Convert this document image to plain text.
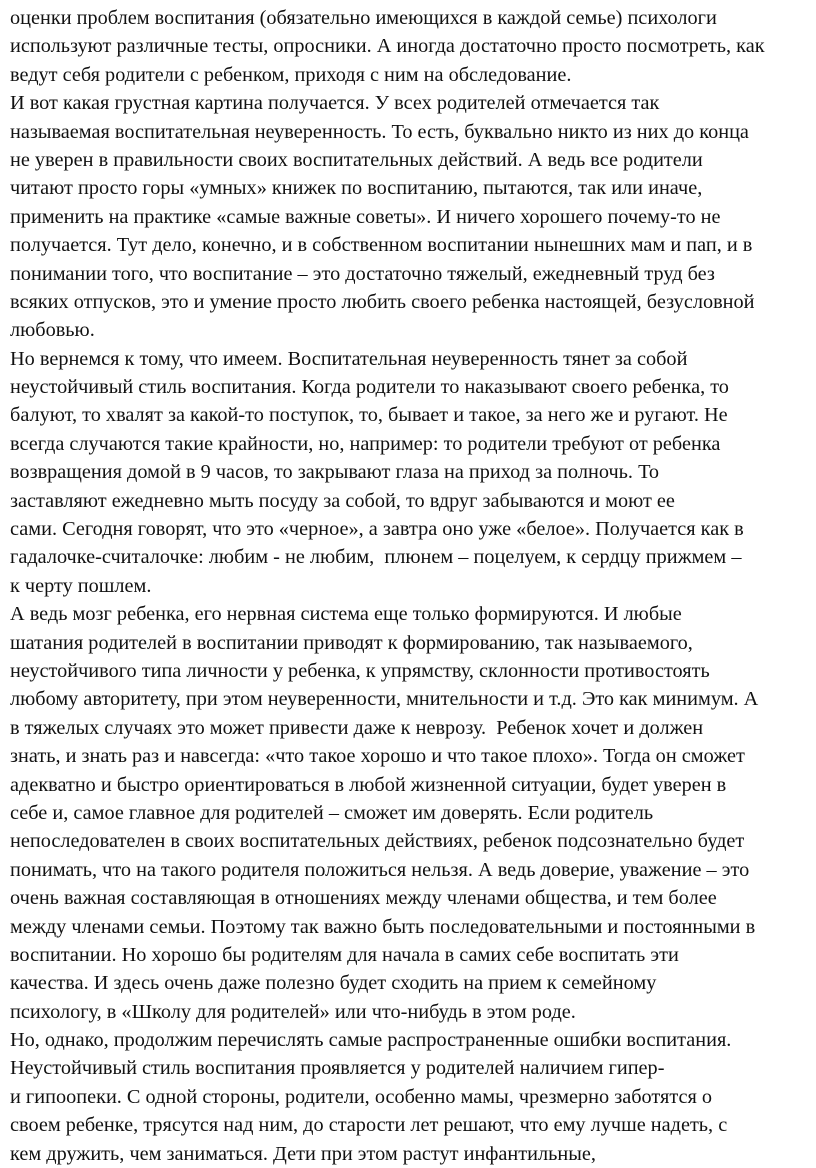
оценки проблем воспитания (обязательно имеющихся в каждой семье) психологи
используют различные тесты, опросники. А иногда достаточно просто посмотреть, как
ведут себя родители с ребенком, приходя с ним на обследование.
И вот какая грустная картина получается. У всех родителей отмечается так
называемая воспитательная неуверенность. То есть, буквально никто из них до конца
не уверен в правильности своих воспитательных действий. А ведь все родители
читают просто горы «умных» книжек по воспитанию, пытаются, так или иначе,
применить на практике «самые важные советы». И ничего хорошего почему-то не
получается. Тут дело, конечно, и в собственном воспитании нынешних мам и пап, и в
понимании того, что воспитание – это достаточно тяжелый, ежедневный труд без
всяких отпусков, это и умение просто любить своего ребенка настоящей, безусловной
любовью.
Но вернемся к тому, что имеем. Воспитательная неуверенность тянет за собой
неустойчивый стиль воспитания. Когда родители то наказывают своего ребенка, то
балуют, то хвалят за какой-то поступок, то, бывает и такое, за него же и ругают. Не
всегда случаются такие крайности, но, например: то родители требуют от ребенка
возвращения домой в 9 часов, то закрывают глаза на приход за полночь. То
заставляют ежедневно мыть посуду за собой, то вдруг забываются и моют ее
сами. Сегодня говорят, что это «черное», а завтра оно уже «белое». Получается как в
гадалочке-считалочке: любим - не любим,  плюнем – поцелуем, к сердцу прижмем –
к черту пошлем.
А ведь мозг ребенка, его нервная система еще только формируются. И любые
шатания родителей в воспитании приводят к формированию, так называемого,
неустойчивого типа личности у ребенка, к упрямству, склонности противостоять
любому авторитету, при этом неуверенности, мнительности и т.д. Это как минимум. А
в тяжелых случаях это может привести даже к неврозу.  Ребенок хочет и должен
знать, и знать раз и навсегда: «что такое хорошо и что такое плохо». Тогда он сможет
адекватно и быстро ориентироваться в любой жизненной ситуации, будет уверен в
себе и, самое главное для родителей – сможет им доверять. Если родитель
непоследователен в своих воспитательных действиях, ребенок подсознательно будет
понимать, что на такого родителя положиться нельзя. А ведь доверие, уважение – это
очень важная составляющая в отношениях между членами общества, и тем более
между членами семьи. Поэтому так важно быть последовательными и постоянными в
воспитании. Но хорошо бы родителям для начала в самих себе воспитать эти
качества. И здесь очень даже полезно будет сходить на прием к семейному
психологу, в «Школу для родителей» или что-нибудь в этом роде.
Но, однако, продолжим перечислять самые распространенные ошибки воспитания.
Неустойчивый стиль воспитания проявляется у родителей наличием гипер-
и гипоопеки. С одной стороны, родители, особенно мамы, чрезмерно заботятся о
своем ребенке, трясутся над ним, до старости лет решают, что ему лучше надеть, с
кем дружить, чем заниматься. Дети при этом растут инфантильные,
